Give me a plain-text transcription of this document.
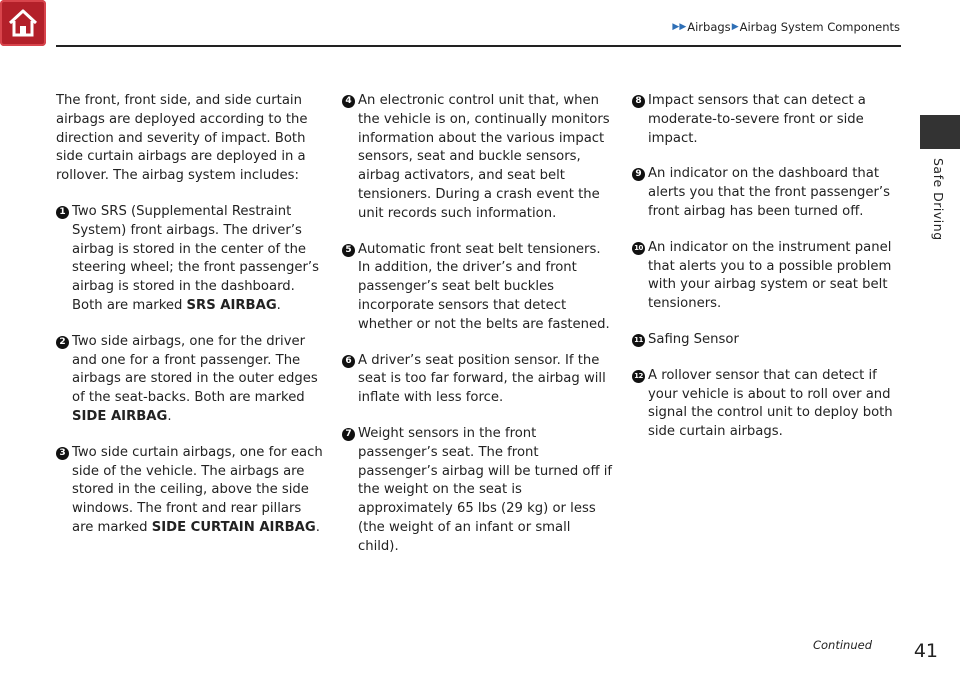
▶▶ Airbags ▶ Airbag System Components
Safe Driving

The front, front side, and side curtain airbags are deployed according to the direction and severity of impact. Both side curtain airbags are deployed in a rollover. The airbag system includes:

1 Two SRS (Supplemental Restraint System) front airbags. The driver’s airbag is stored in the center of the steering wheel; the front passenger’s airbag is stored in the dashboard. Both are marked SRS AIRBAG.
2 Two side airbags, one for the driver and one for a front passenger. The airbags are stored in the outer edges of the seat-backs. Both are marked SIDE AIRBAG.
3 Two side curtain airbags, one for each side of the vehicle. The airbags are stored in the ceiling, above the side windows. The front and rear pillars are marked SIDE CURTAIN AIRBAG.
4 An electronic control unit that, when the vehicle is on, continually monitors information about the various impact sensors, seat and buckle sensors, airbag activators, and seat belt tensioners. During a crash event the unit records such information.
5 Automatic front seat belt tensioners. In addition, the driver’s and front passenger’s seat belt buckles incorporate sensors that detect whether or not the belts are fastened.
6 A driver’s seat position sensor. If the seat is too far forward, the airbag will inflate with less force.
7 Weight sensors in the front passenger’s seat. The front passenger’s airbag will be turned off if the weight on the seat is approximately 65 lbs (29 kg) or less (the weight of an infant or small child).
8 Impact sensors that can detect a moderate-to-severe front or side impact.
9 An indicator on the dashboard that alerts you that the front passenger’s front airbag has been turned off.
10 An indicator on the instrument panel that alerts you to a possible problem with your airbag system or seat belt tensioners.
11 Safing Sensor
12 A rollover sensor that can detect if your vehicle is about to roll over and signal the control unit to deploy both side curtain airbags.
Continued 41
